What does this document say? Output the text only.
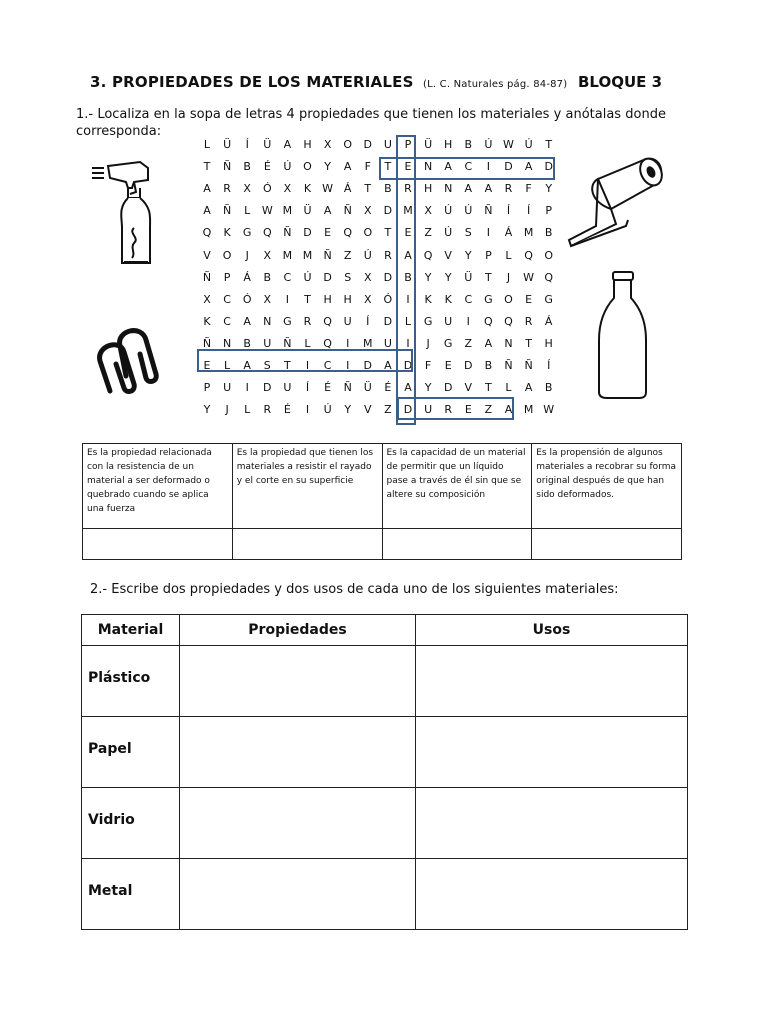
3. PROPIEDADES DE LOS MATERIALES (L. C. Naturales pág. 84-87) BLOQUE 3
1.- Localiza en la sopa de letras 4 propiedades que tienen los materiales y anótalas donde
corresponda:
L	Ü	Í	Ü	A	H	X	O	D	U	P	Ü	H	B	Ú W Ú	T
T	Ñ	B	É	Ú	O	Y	A	F	T	E	N	A	C	I	D	A	D
A	R	X	Ó	X	K	W Á	T	B	R	H	N	A	A	R	F	Y
A	Ñ	L	W M	Ü	A	Ñ	X	D	M	X	Ú	Ú	Ñ	Í	Í	P
Q	K	G	Q	Ñ	D	E	Q	O	T	E	Z	Ú	S	I	Á	M	B
V	O	J	X	M M	Ñ	Z	Ú	R	A	Q	V	Y	P	L	Q	O
Ñ	P	Á	B	C	Ú	D	S	X	D	B	Y	Y	Ü	T	J	W Q
X	C	Ó	X	I	T	H	H	X	Ó	I	K	K	C	G	O	E	G
K	C	A	N	G	R	Q	U	Í	D	L	G	U	I	Q	Q	R	Á
Ñ	N	B	U	Ñ	L	Q	I	M	U	I	J	G	Z	A	N	T	H
E	L	A	S	T	I	C	I	D	A	D	F	E	D	B	Ñ	Ñ	Í
P	U	I	D	U	Í	É	Ñ	Ü	É	A	Y	D	V	T	L	A	B
Y	J	L	R	É	I	Ú	Y	V	Z	D	U	R	E	Z	A	M W
Es la propiedad relacionada con la resistencia de un material a ser deformado o quebrado cuando se aplica una fuerza	Es la propiedad que tienen los materiales a resistir el rayado y el corte en su superficie	Es la capacidad de un material de permitir que un líquido pase a través de él sin que se altere su composición	Es la propensión de algunos materiales a recobrar su forma original después de que han sido deformados.

2.- Escribe dos propiedades y dos usos de cada uno de los siguientes materiales:
Material	Propiedades	Usos
Plástico		
Papel		
Vidrio		
Metal		
